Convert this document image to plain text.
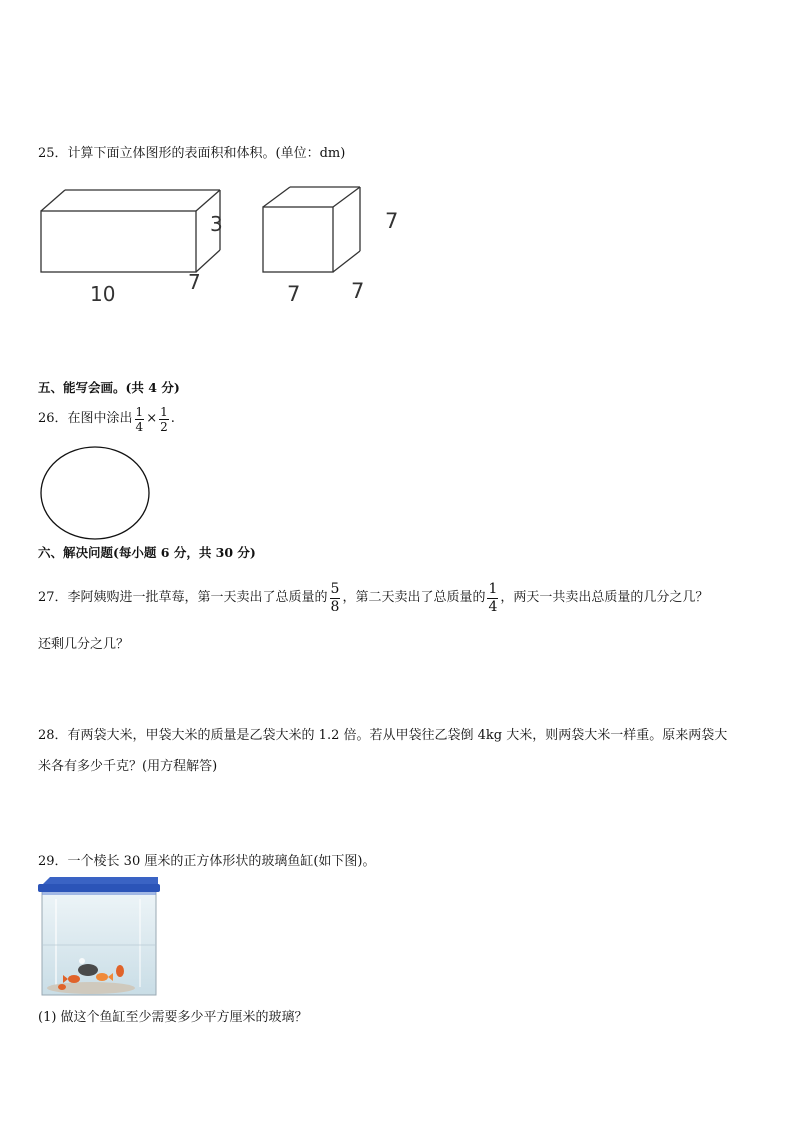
25．计算下面立体图形的表面积和体积。(单位：dm)
3
7
10
7
7 7
五、能写会画。(共 4 分)
26．在图中涂出 $\frac{1}{4} \times \frac{1}{2}$ .
六、解决问题(每小题 6 分，共 30 分)
27．李阿姨购进一批草莓，第一天卖出了总质量的 $\frac{5}{8}$ ，第二天卖出了总质量的 $\frac{1}{4}$ ，两天一共卖出总质量的几分之几？
还剩几分之几？
28．有两袋大米，甲袋大米的质量是乙袋大米的 1.2 倍。若从甲袋往乙袋倒 4kg 大米，则两袋大米一样重。原来两袋大
米各有多少千克？(用方程解答)
29．一个棱长 30 厘米的正方体形状的玻璃鱼缸(如下图)。
(1) 做这个鱼缸至少需要多少平方厘米的玻璃？
